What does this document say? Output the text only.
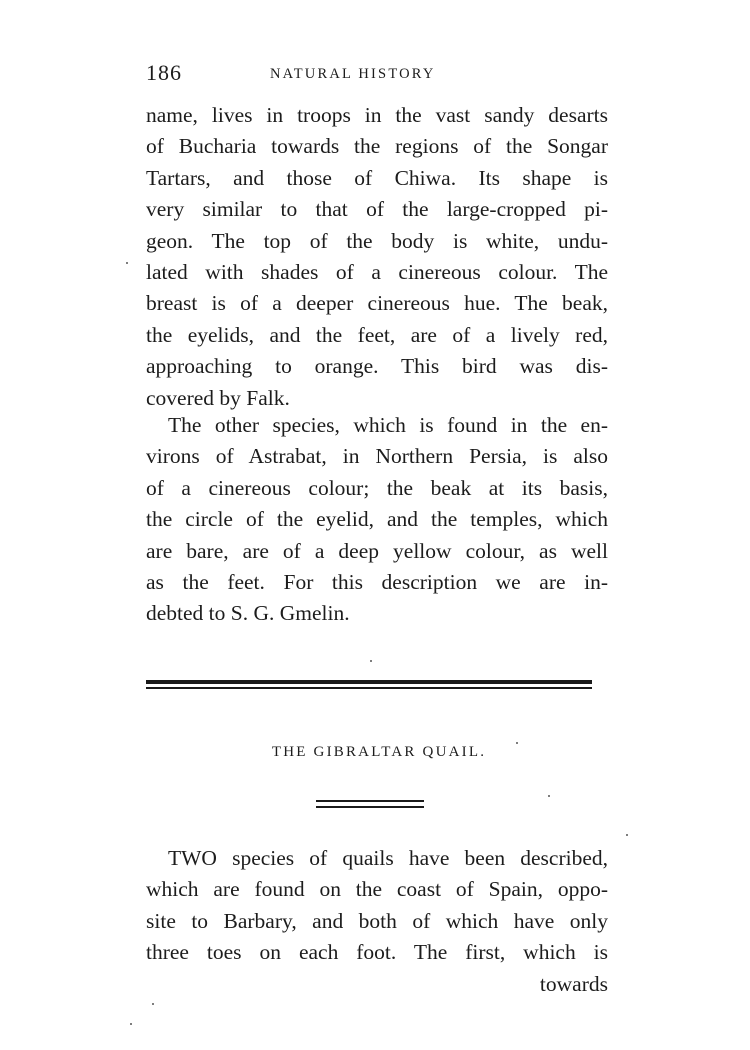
186	NATURAL HISTORY
name, lives in troops in the vast sandy desarts
of Bucharia towards the regions of the Songar
Tartars, and those of Chiwa. Its shape is
very similar to that of the large-cropped pi-
geon. The top of the body is white, undu-
lated with shades of a cinereous colour. The
breast is of a deeper cinereous hue. The beak,
the eyelids, and the feet, are of a lively red,
approaching to orange. This bird was dis-
covered by Falk.
The other species, which is found in the en-
virons of Astrabat, in Northern Persia, is also
of a cinereous colour; the beak at its basis,
the circle of the eyelid, and the temples, which
are bare, are of a deep yellow colour, as well
as the feet. For this description we are in-
debted to S. G. Gmelin.
THE GIBRALTAR QUAIL.
TWO species of quails have been described,
which are found on the coast of Spain, oppo-
site to Barbary, and both of which have only
three toes on each foot. The first, which is
towards
